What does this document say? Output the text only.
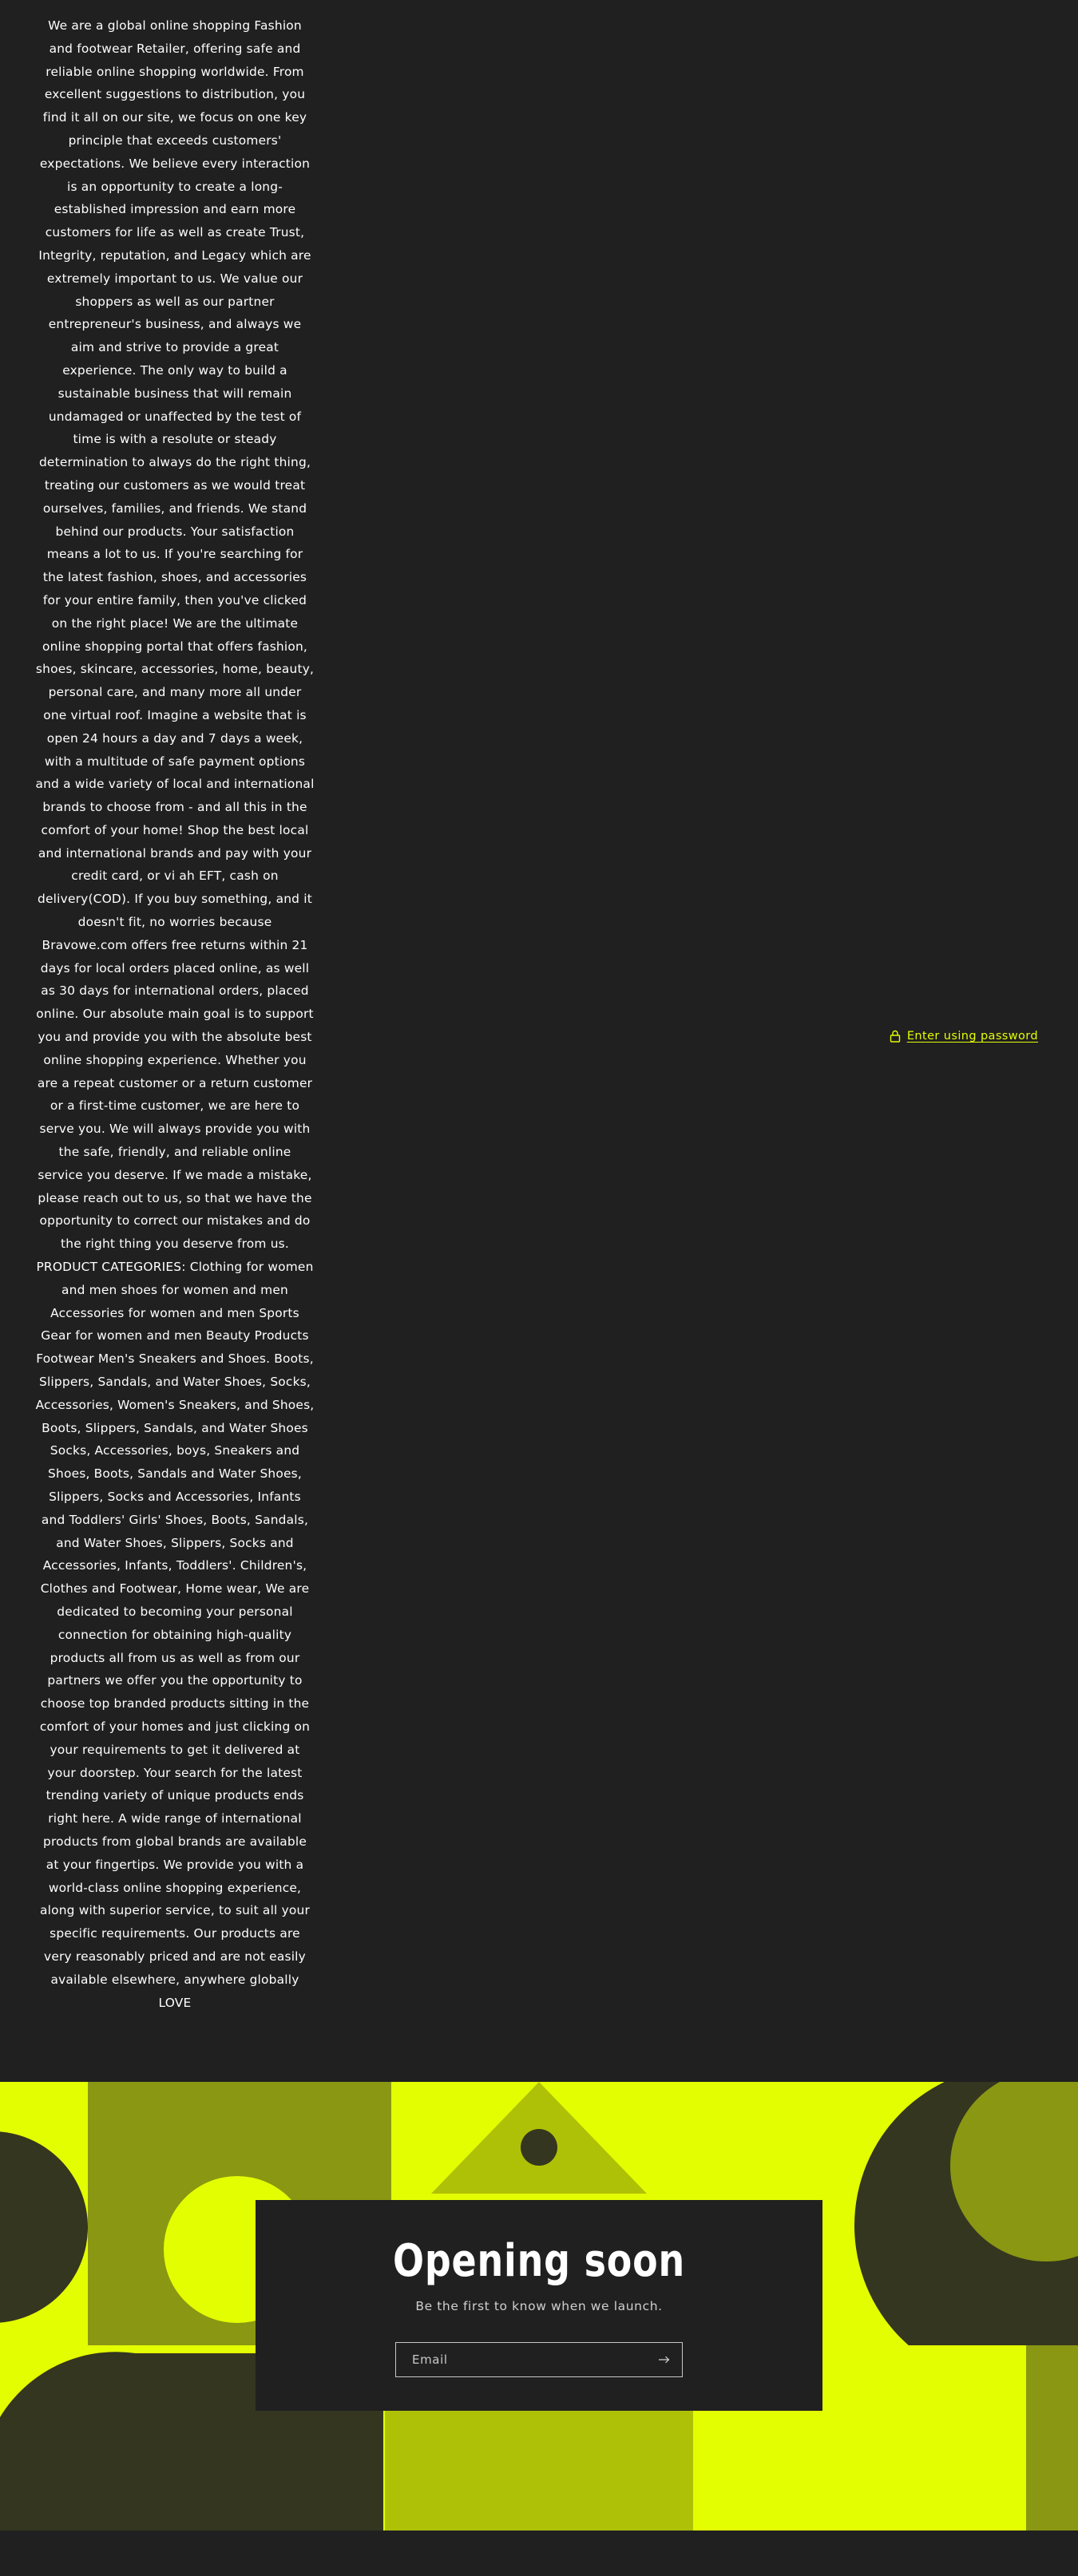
We are a global online shopping Fashion and footwear Retailer, offering safe and reliable online shopping worldwide. From excellent suggestions to distribution, you find it all on our site, we focus on one key principle that exceeds customers' expectations. We believe every interaction is an opportunity to create a long-established impression and earn more customers for life as well as create Trust, Integrity, reputation, and Legacy which are extremely important to us. We value our shoppers as well as our partner entrepreneur's business, and always we aim and strive to provide a great experience. The only way to build a sustainable business that will remain undamaged or unaffected by the test of time is with a resolute or steady determination to always do the right thing, treating our customers as we would treat ourselves, families, and friends. We stand behind our products. Your satisfaction means a lot to us. If you're searching for the latest fashion, shoes, and accessories for your entire family, then you've clicked on the right place! We are the ultimate online shopping portal that offers fashion, shoes, skincare, accessories, home, beauty, personal care, and many more all under one virtual roof. Imagine a website that is open 24 hours a day and 7 days a week, with a multitude of safe payment options and a wide variety of local and international brands to choose from - and all this in the comfort of your home! Shop the best local and international brands and pay with your credit card, or vi ah EFT, cash on delivery(COD). If you buy something, and it doesn't fit, no worries because Bravowe.com offers free returns within 21 days for local orders placed online, as well as 30 days for international orders, placed online. Our absolute main goal is to support you and provide you with the absolute best online shopping experience. Whether you are a repeat customer or a return customer or a first-time customer, we are here to serve you. We will always provide you with the safe, friendly, and reliable online service you deserve. If we made a mistake, please reach out to us, so that we have the opportunity to correct our mistakes and do the right thing you deserve from us. PRODUCT CATEGORIES: Clothing for women and men shoes for women and men Accessories for women and men Sports Gear for women and men Beauty Products Footwear Men's Sneakers and Shoes. Boots, Slippers, Sandals, and Water Shoes, Socks, Accessories, Women's Sneakers, and Shoes, Boots, Slippers, Sandals, and Water Shoes Socks, Accessories, boys, Sneakers and Shoes, Boots, Sandals and Water Shoes, Slippers, Socks and Accessories, Infants and Toddlers' Girls' Shoes, Boots, Sandals, and Water Shoes, Slippers, Socks and Accessories, Infants, Toddlers'. Children's, Clothes and Footwear, Home wear, We are dedicated to becoming your personal connection for obtaining high-quality products all from us as well as from our partners we offer you the opportunity to choose top branded products sitting in the comfort of your homes and just clicking on your requirements to get it delivered at your doorstep. Your search for the latest trending variety of unique products ends right here. A wide range of international products from global brands are available at your fingertips. We provide you with a world-class online shopping experience, along with superior service, to suit all your specific requirements. Our products are very reasonably priced and are not easily available elsewhere, anywhere globally LOVE

Enter using password
Opening soon

Be the first to know when we launch.

Email
